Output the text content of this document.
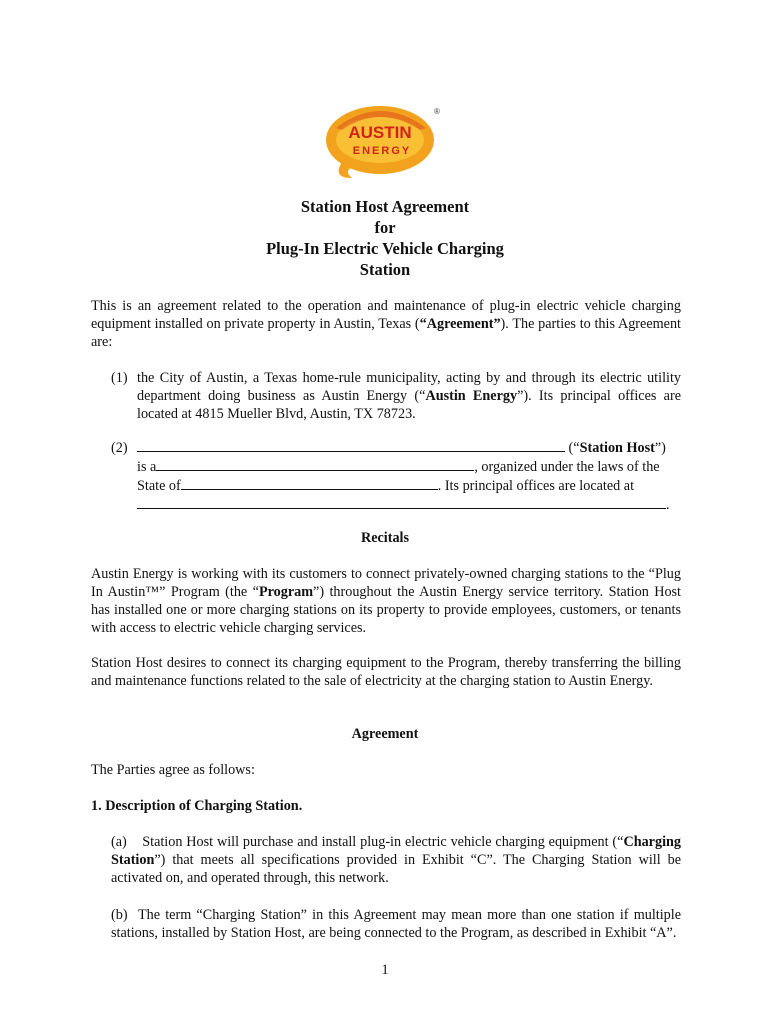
AUSTIN
ENERGY
®
Station Host Agreement
for
Plug-In Electric Vehicle Charging
Station
This is an agreement related to the operation and maintenance of plug-in electric vehicle charging equipment installed on private property in Austin, Texas (“Agreement”). The parties to this Agreement are:
(1) the City of Austin, a Texas home-rule municipality, acting by and through its electric utility department doing business as Austin Energy (“Austin Energy”). Its principal offices are located at 4815 Mueller Blvd, Austin, TX 78723.
(2)	(“Station Host”)
is a	, organized under the laws of the
State of	. Its principal offices are located at
.
Recitals
Austin Energy is working with its customers to connect privately-owned charging stations to the “Plug In Austin™” Program (the “Program”) throughout the Austin Energy service territory. Station Host has installed one or more charging stations on its property to provide employees, customers, or tenants with access to electric vehicle charging services.
Station Host desires to connect its charging equipment to the Program, thereby transferring the billing and maintenance functions related to the sale of electricity at the charging station to Austin Energy.
Agreement
The Parties agree as follows:
1. Description of Charging Station.
(a) Station Host will purchase and install plug-in electric vehicle charging equipment (“Charging Station”) that meets all specifications provided in Exhibit “C”. The Charging Station will be activated on, and operated through, this network.
(b) The term “Charging Station” in this Agreement may mean more than one station if multiple stations, installed by Station Host, are being connected to the Program, as described in Exhibit “A”.
1
